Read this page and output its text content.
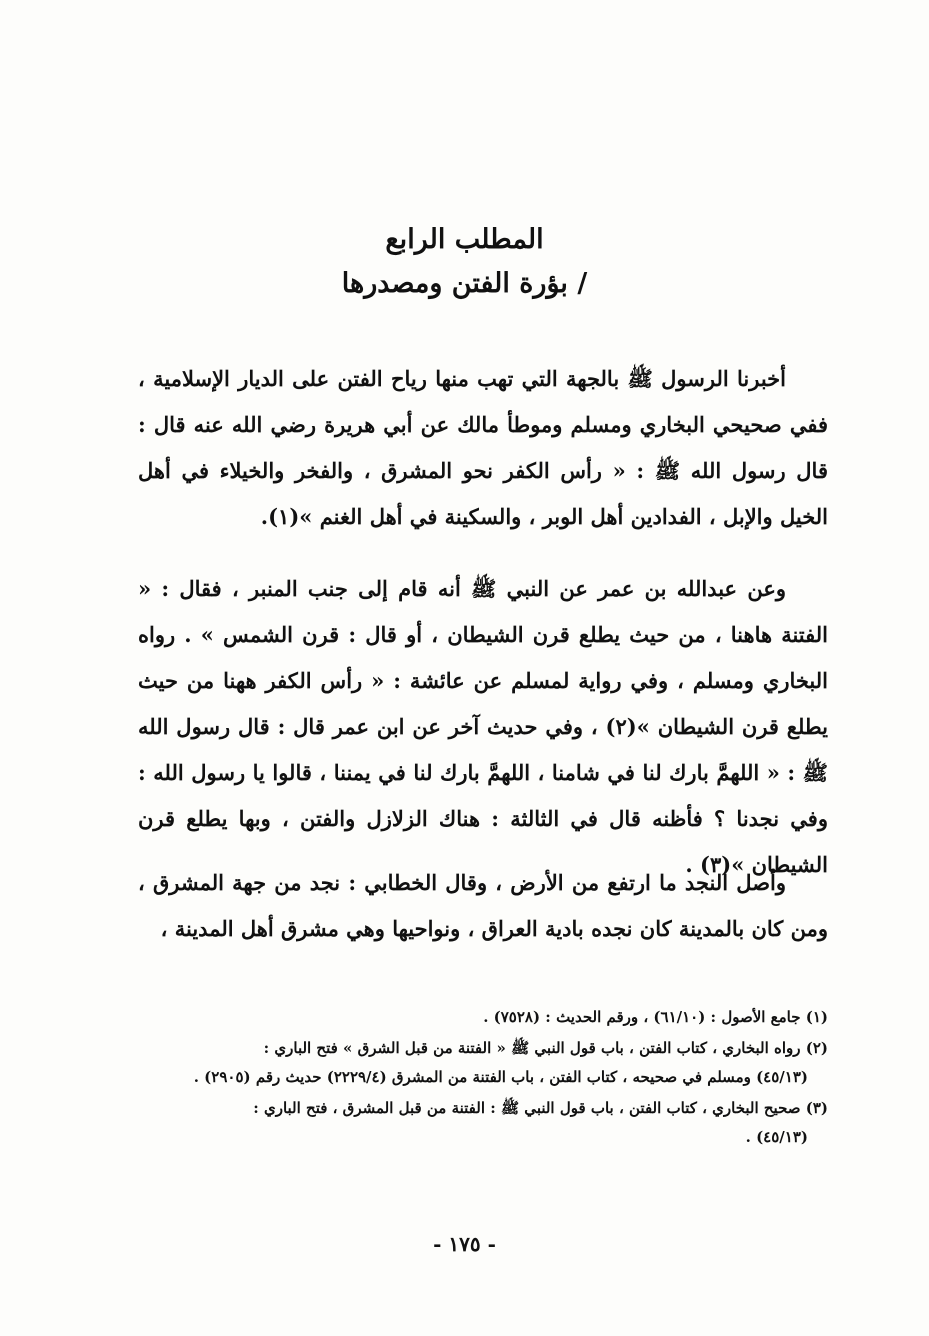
المطلب الرابع
/ بؤرة الفتن ومصدرها

أخبرنا الرسول ﷺ بالجهة التي تهب منها رياح الفتن على الديار الإسلامية ، ففي صحيحي البخاري ومسلم وموطأ مالك عن أبي هريرة رضي الله عنه قال : قال رسول الله ﷺ : « رأس الكفر نحو المشرق ، والفخر والخيلاء في أهل الخيل والإبل ، الفدادين أهل الوبر ، والسكينة في أهل الغنم »(١).

وعن عبدالله بن عمر عن النبي ﷺ أنه قام إلى جنب المنبر ، فقال : « الفتنة هاهنا ، من حيث يطلع قرن الشيطان ، أو قال : قرن الشمس » . رواه البخاري ومسلم ، وفي رواية لمسلم عن عائشة : « رأس الكفر ههنا من حيث يطلع قرن الشيطان »(٢) ، وفي حديث آخر عن ابن عمر قال : قال رسول الله ﷺ : « اللهمَّ بارك لنا في شامنا ، اللهمَّ بارك لنا في يمننا ، قالوا يا رسول الله : وفي نجدنا ؟ فأظنه قال في الثالثة : هناك الزلازل والفتن ، وبها يطلع قرن الشيطان »(٣) .

وأصل النجد ما ارتفع من الأرض ، وقال الخطابي : نجد من جهة المشرق ، ومن كان بالمدينة كان نجده بادية العراق ، ونواحيها وهي مشرق أهل المدينة ،

(١) جامع الأصول : (٦١/١٠) ، ورقم الحديث : (٧٥٢٨) .

(٢) رواه البخاري ، كتاب الفتن ، باب قول النبي ﷺ « الفتنة من قبل الشرق » فتح الباري :
(٤٥/١٣) ومسلم في صحيحه ، كتاب الفتن ، باب الفتنة من المشرق (٢٢٢٩/٤) حديث رقم (٢٩٠٥) .

(٣) صحيح البخاري ، كتاب الفتن ، باب قول النبي ﷺ : الفتنة من قبل المشرق ، فتح الباري :
(٤٥/١٣) .

- ١٧٥ -
